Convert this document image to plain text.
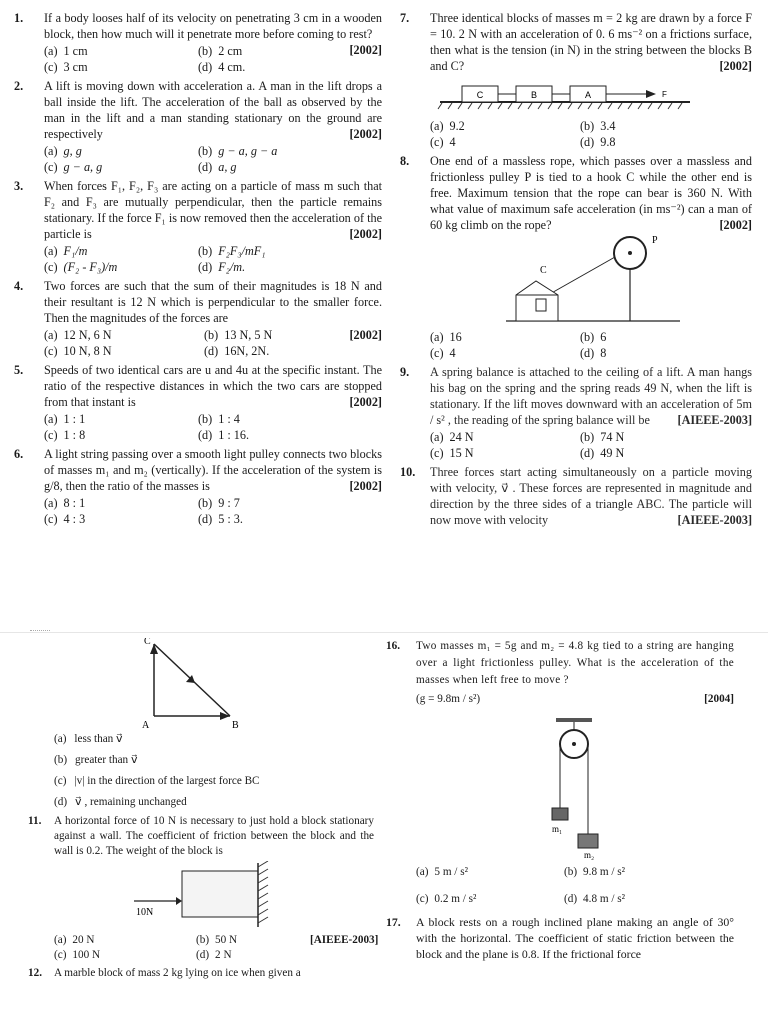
1.	If a body looses half of its velocity on penetrating 3 cm in a wooden block, then how much will it penetrate more before coming to rest?
[2002]
(a) 1 cm	(b) 2 cm
(c) 3 cm	(d) 4 cm.
2.	A lift is moving down with acceleration a. A man in the lift drops a ball inside the lift. The acceleration of the ball as observed by the man in the lift and a man standing stationary on the ground are respectively	[2002]
(a) g, g	(b) g − a, g − a
(c) g − a, g	(d) a, g
3.	When forces F₁, F₂, F₃ are acting on a particle of mass m such that F₂ and F₃ are mutually perpendicular, then the particle remains stationary. If the force F₁ is now removed then the acceleration of the particle is	[2002]
(a) F₁/m	(b) F₂F₃/mF₁
(c) (F₂ - F₃)/m	(d) F₂/m.
4.	Two forces are such that the sum of their magnitudes is 18 N and their resultant is 12 N which is perpendicular to the smaller force. Then the magnitudes of the forces are
(a) 12 N, 6 N	(b) 13 N, 5 N	[2002]
(c) 10 N, 8 N	(d) 16N, 2N.
5.	Speeds of two identical cars are u and 4u at the specific instant. The ratio of the respective distances in which the two cars are stopped from that instant is	[2002]
(a) 1 : 1	(b) 1 : 4
(c) 1 : 8	(d) 1 : 16.
6.	A light string passing over a smooth light pulley connects two blocks of masses m₁ and m₂ (vertically). If the acceleration of the system is g/8, then the ratio of the masses is	[2002]
(a) 8 : 1	(b) 9 : 7
(c) 4 : 3	(d) 5 : 3.
7.	Three identical blocks of masses m = 2 kg are drawn by a force F = 10. 2 N with an acceleration of 0. 6 ms⁻² on a frictions surface, then what is the tension (in N) in the string between the blocks B and C?	[2002]
C	B	A	F
(a) 9.2	(b) 3.4
(c) 4	(d) 9.8
8.	One end of a massless rope, which passes over a massless and frictionless pulley P is tied to a hook C while the other end is free. Maximum tension that the rope can bear is 360 N. With what value of maximum safe acceleration (in ms⁻²) can a man of 60 kg climb on the rope?	[2002]
P
C
(a) 16	(b) 6
(c) 4	(d) 8
9.	A spring balance is attached to the ceiling of a lift. A man hangs his bag on the spring and the spring reads 49 N, when the lift is stationary. If the lift moves downward with an acceleration of 5m / s² , the reading of the spring balance will be [AIEEE-2003]
(a) 24 N	(b) 74 N
(c) 15 N	(d) 49 N
10.	Three forces start acting simultaneously on a particle moving with velocity, v⃗ . These forces are represented in magnitude and direction by the three sides of a triangle ABC. The particle will now move with velocity	[AIEEE-2003]
C
A	B
(a) less than v⃗
(b) greater than v⃗
(c) |v| in the direction of the largest force BC
(d) v⃗ , remaining unchanged
11.	A horizontal force of 10 N is necessary to just hold a block stationary against a wall. The coefficient of friction between the block and the wall is 0.2. The weight of the block is
10N
(a) 20 N	(b) 50 N	[AIEEE-2003]
(c) 100 N	(d) 2 N
12.	A marble block of mass 2 kg lying on ice when given a
16.	Two masses m₁ = 5g and m₂ = 4.8 kg tied to a string are hanging over a light frictionless pulley. What is the acceleration of the masses when left free to move ?
(g = 9.8m / s²)	[2004]
m₁
m₂
(a) 5 m / s²	(b) 9.8 m / s²
(c) 0.2 m / s²	(d) 4.8 m / s²
17.	A block rests on a rough inclined plane making an angle of 30° with the horizontal. The coefficient of static friction between the block and the plane is 0.8. If the frictional force
